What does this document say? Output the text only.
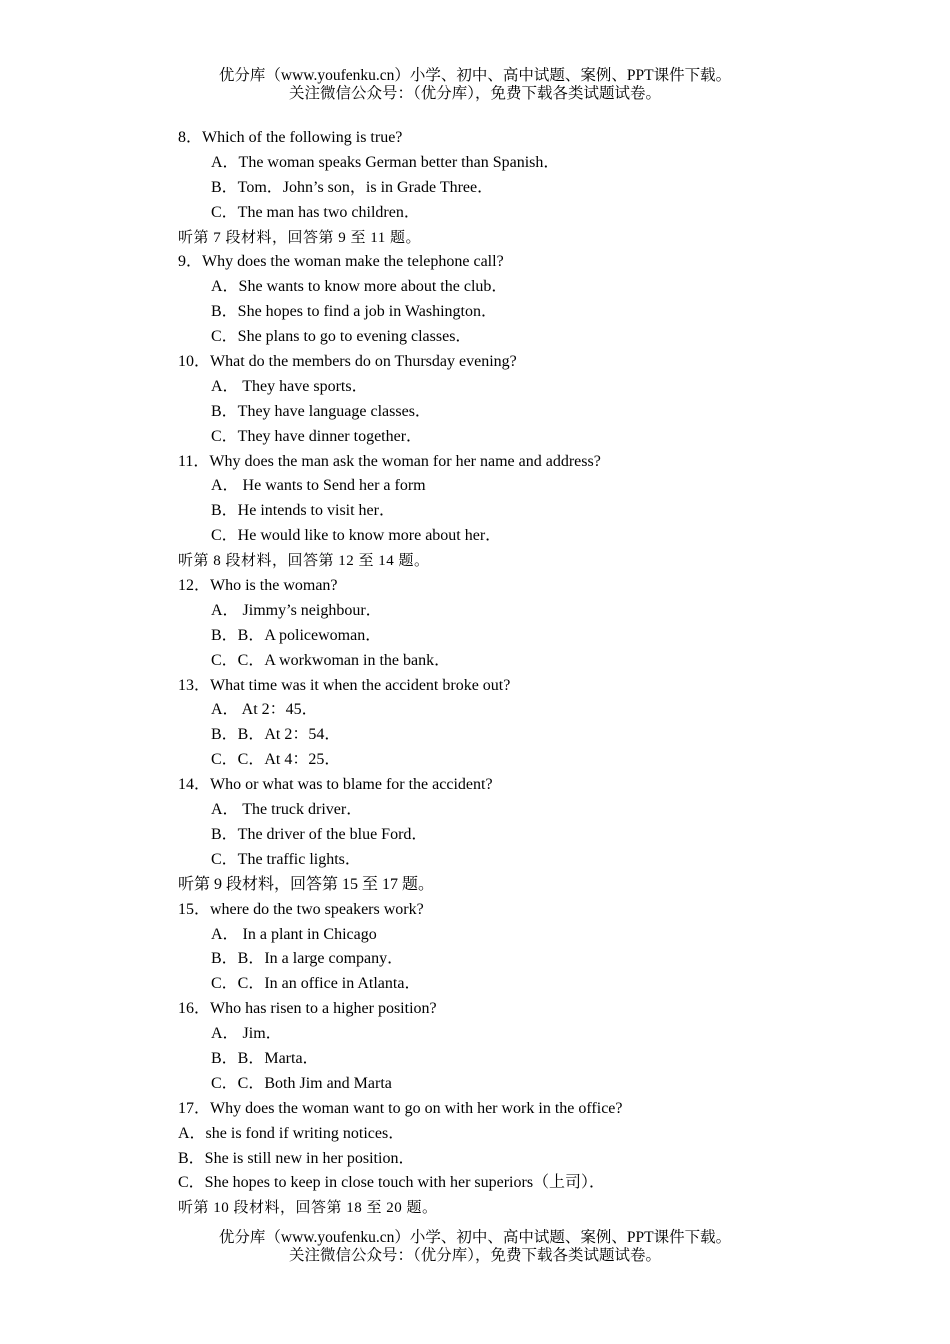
优分库（www.youfenku.cn）小学、初中、高中试题、案例、PPT课件下载。
关注微信公众号：（优分库），免费下载各类试题试卷。
8．Which of the following is true?
A．The woman speaks German better than Spanish．
B．Tom．John’s son，is in Grade Three．
C．The man has two children．
听第 7 段材料，回答第 9 至 11 题。
9．Why does the woman make the telephone call?
A．She wants to know more about the club．
B．She hopes to find a job in Washington．
C．She plans to go to evening classes．
10．What do the members do on Thursday evening?
A． They have sports．
B．They have language classes．
C．They have dinner together．
11．Why does the man ask the woman for her name and address?
A． He wants to Send her a form
B．He intends to visit her．
C．He would like to know more about her．
听第 8 段材料，回答第 12 至 14 题。
12．Who is the woman?
A． Jimmy’s neighbour．
B．B．A policewoman．
C．C．A workwoman in the bank．
13．What time was it when the accident broke out?
A． At 2：45．
B．B．At 2：54．
C．C．At 4：25．
14．Who or what was to blame for the accident?
A． The truck driver．
B．The driver of the blue Ford．
C．The traffic lights．
听第 9 段材料，回答第 15 至 17 题。
15．where do the two speakers work?
A． In a plant in Chicago
B．B．In a large company．
C．C．In an office in Atlanta．
16．Who has risen to a higher position?
A． Jim．
B．B．Marta．
C．C．Both Jim and Marta
17．Why does the woman want to go on with her work in the office?
A．she is fond if writing notices．
B．She is still new in her position．
C．She hopes to keep in close touch with her superiors（上司）．
听第 10 段材料，回答第 18 至 20 题。
优分库（www.youfenku.cn）小学、初中、高中试题、案例、PPT课件下载。
关注微信公众号：（优分库），免费下载各类试题试卷。
